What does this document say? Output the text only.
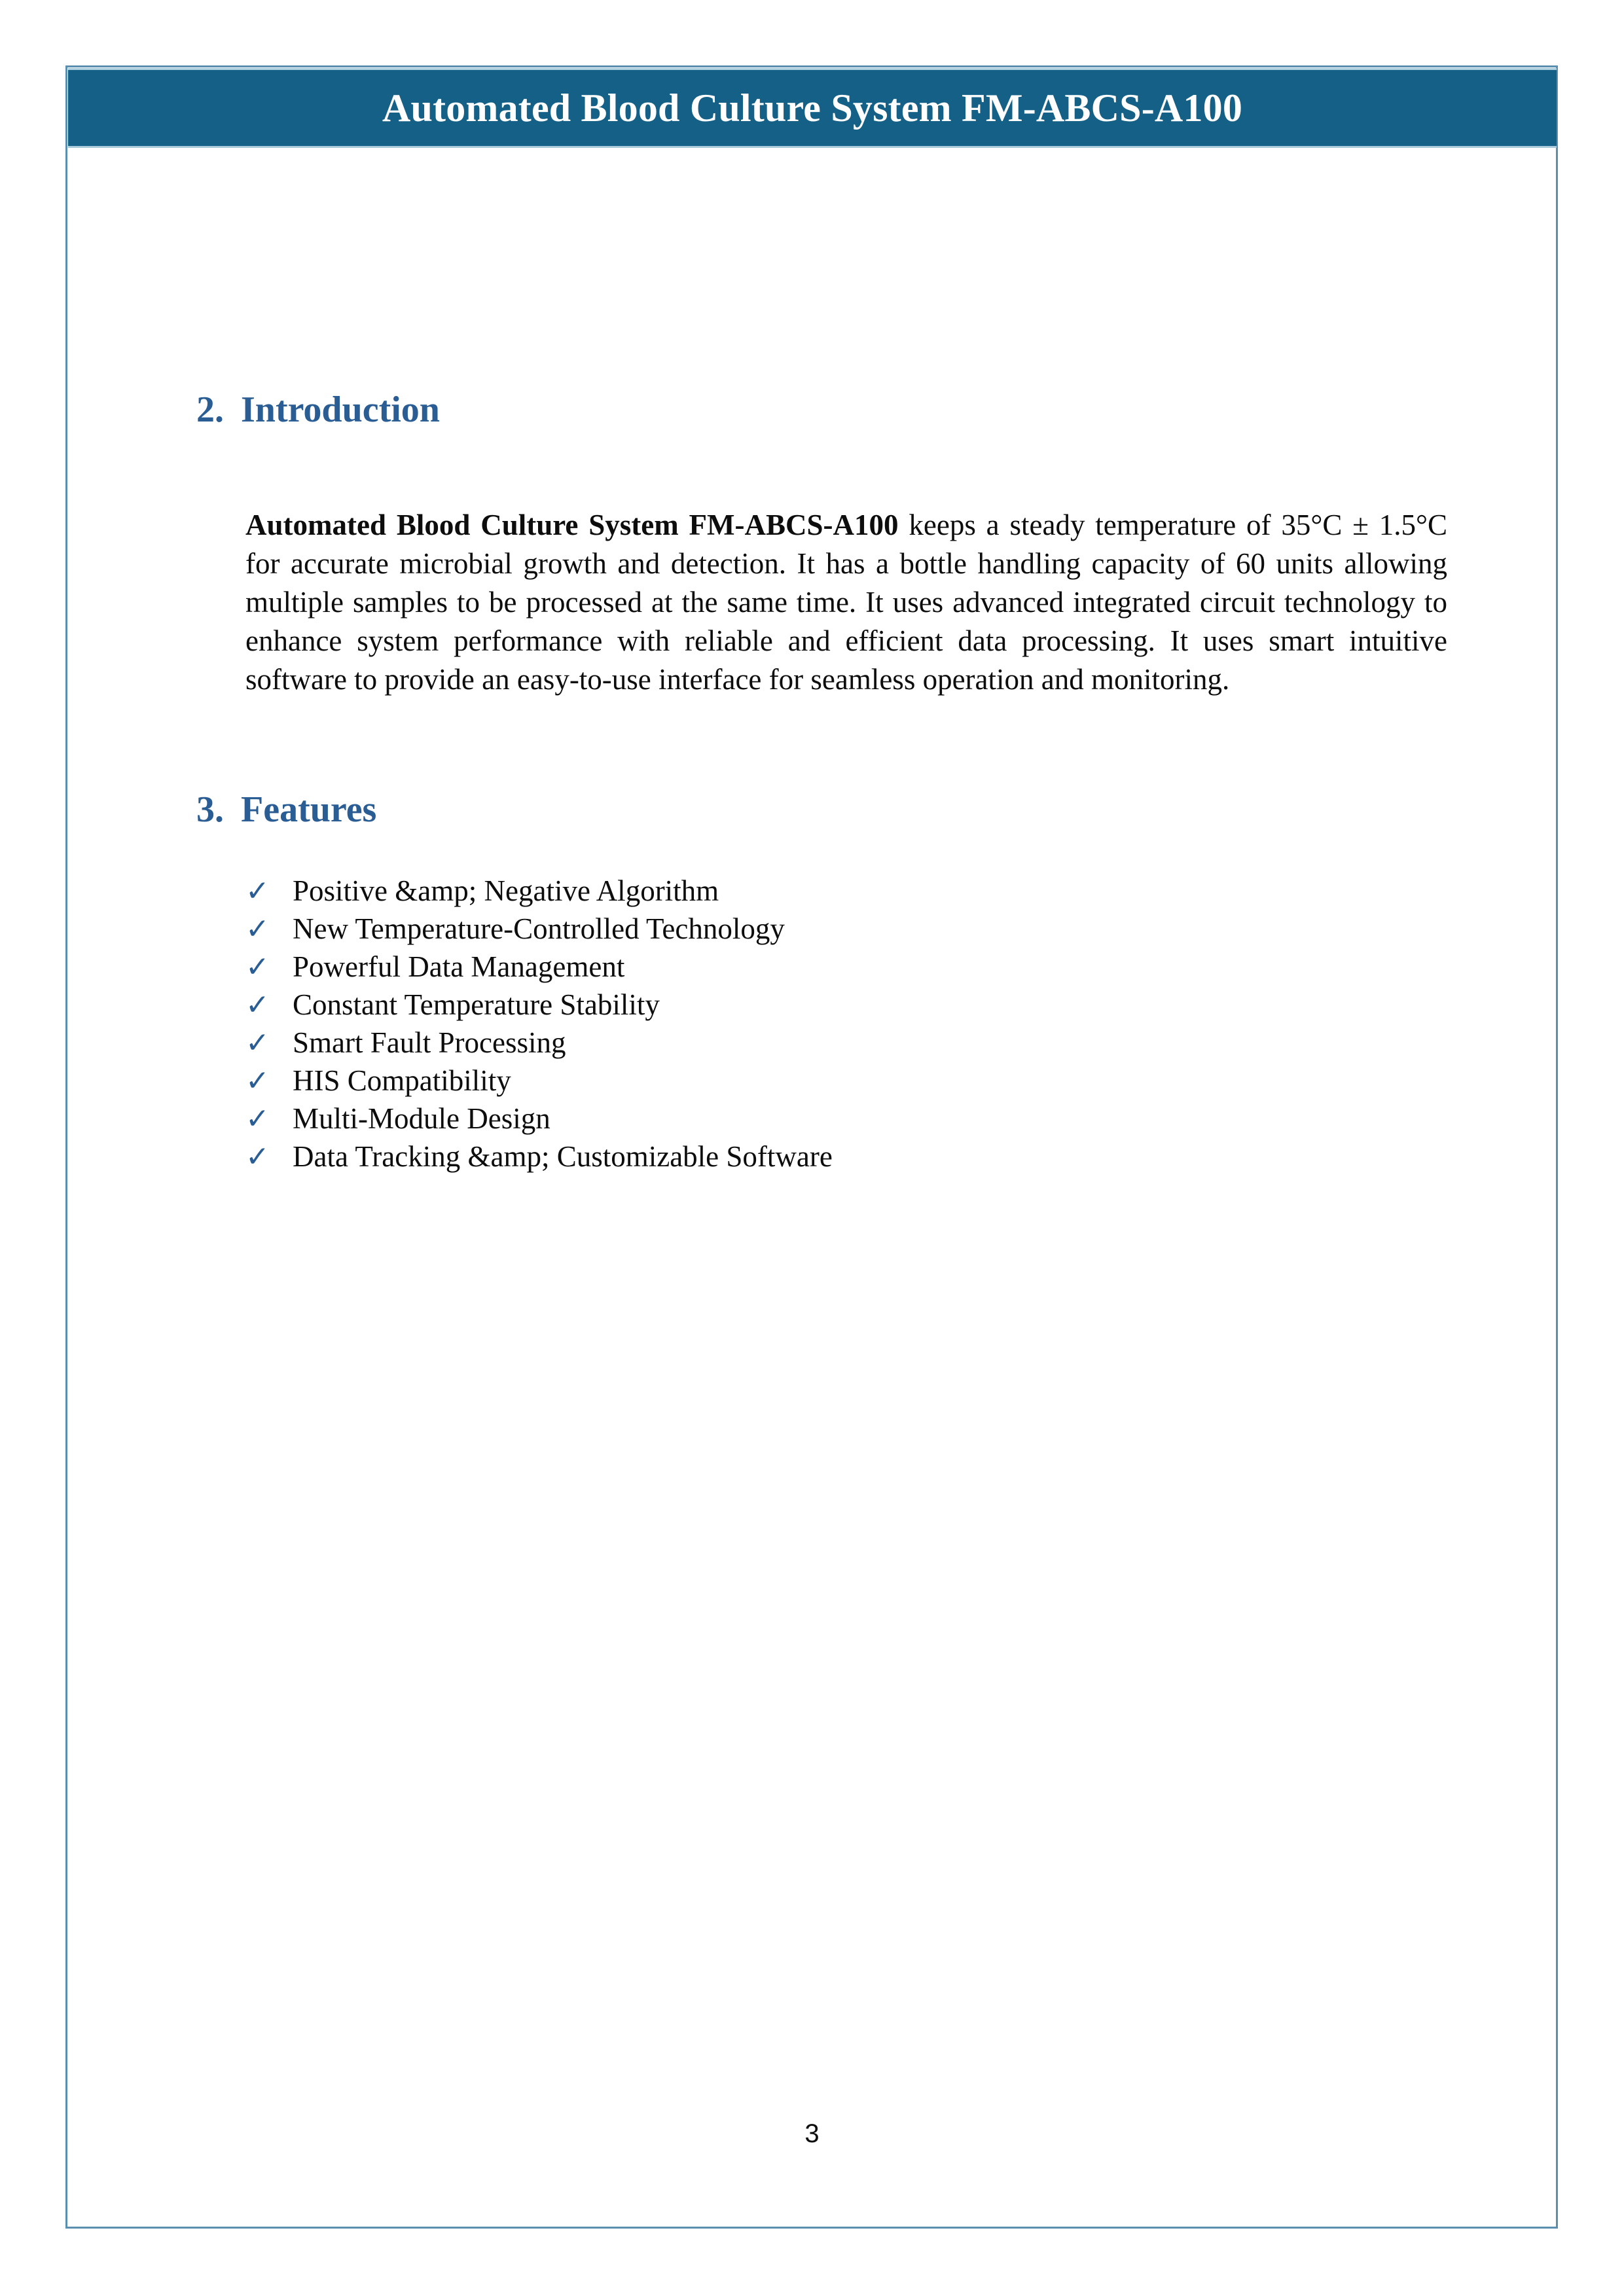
Automated Blood Culture System FM-ABCS-A100
2. Introduction

Automated Blood Culture System FM-ABCS-A100 keeps a steady temperature of 35°C ± 1.5°C for accurate microbial growth and detection. It has a bottle handling capacity of 60 units allowing multiple samples to be processed at the same time. It uses advanced integrated circuit technology to enhance system performance with reliable and efficient data processing. It uses smart intuitive software to provide an easy-to-use interface for seamless operation and monitoring.

3. Features
✓ Positive &amp; Negative Algorithm
✓ New Temperature-Controlled Technology
✓ Powerful Data Management
✓ Constant Temperature Stability
✓ Smart Fault Processing
✓ HIS Compatibility
✓ Multi-Module Design
✓ Data Tracking &amp; Customizable Software
3
